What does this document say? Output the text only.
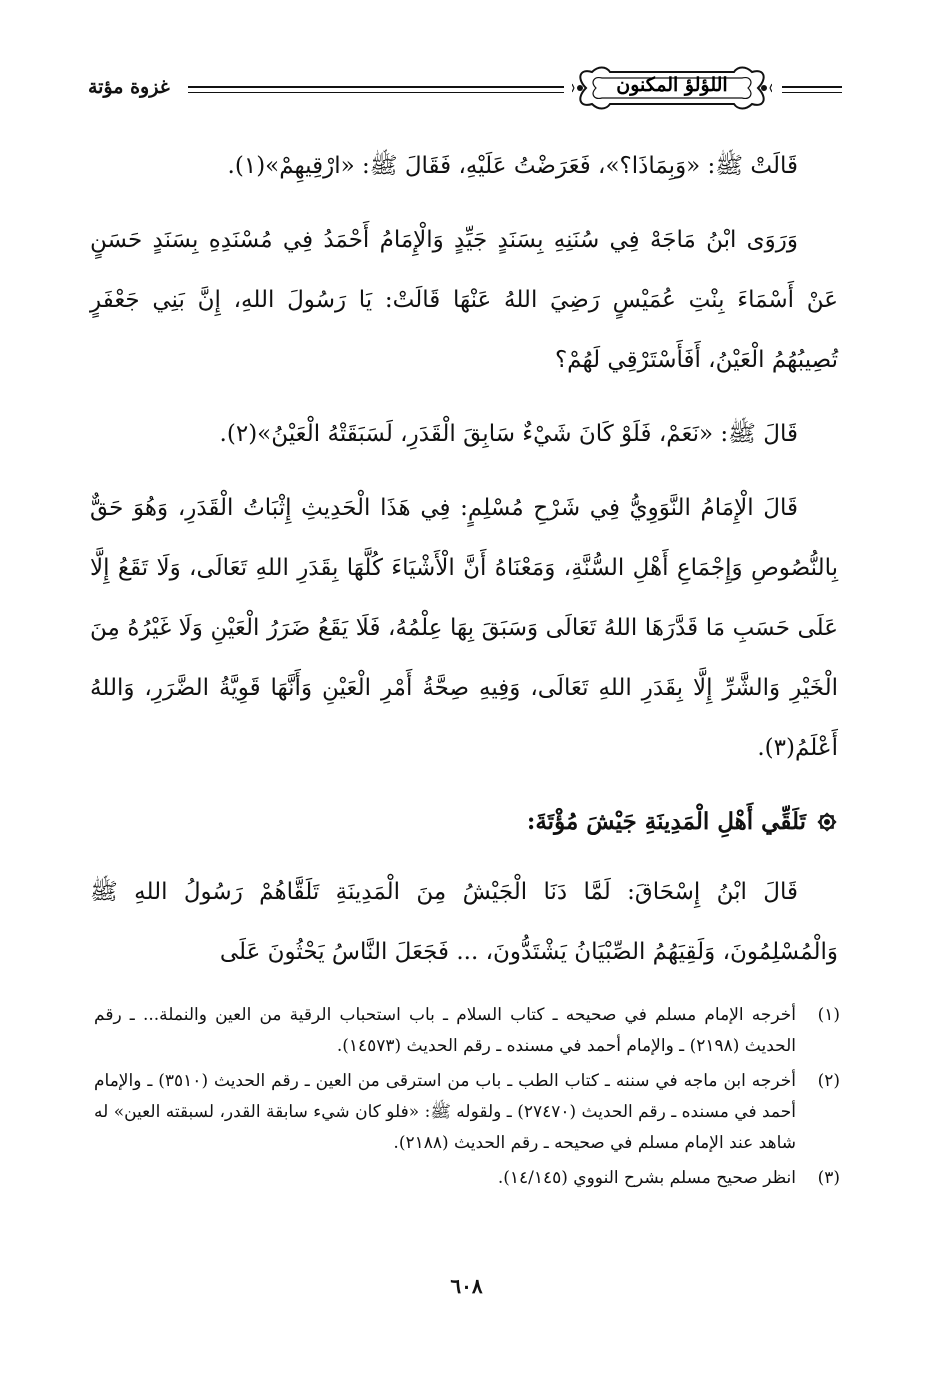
اللؤلؤ المكنون
غزوة مؤتة

قَالَتْ ﷺ: «وَبِمَاذَا؟»، فَعَرَضْتُ عَلَيْهِ، فَقَالَ ﷺ: «ارْقِيهِمْ»(١).

وَرَوَى ابْنُ مَاجَهْ فِي سُنَنِهِ بِسَنَدٍ جَيِّدٍ وَالْإِمَامُ أَحْمَدُ فِي مُسْنَدِهِ بِسَنَدٍ حَسَنٍ عَنْ أَسْمَاءَ بِنْتِ عُمَيْسٍ رَضِيَ اللهُ عَنْهَا قَالَتْ: يَا رَسُولَ اللهِ، إِنَّ بَنِي جَعْفَرٍ تُصِيبُهُمُ الْعَيْنُ، أَفَأَسْتَرْقِي لَهُمْ؟

قَالَ ﷺ: «نَعَمْ، فَلَوْ كَانَ شَيْءٌ سَابِقَ الْقَدَرِ، لَسَبَقَتْهُ الْعَيْنُ»(٢).

قَالَ الْإِمَامُ النَّوَوِيُّ فِي شَرْحِ مُسْلِمٍ: فِي هَذَا الْحَدِيثِ إِثْبَاتُ الْقَدَرِ، وَهُوَ حَقٌّ بِالنُّصُوصِ وَإِجْمَاعِ أَهْلِ السُّنَّةِ، وَمَعْنَاهُ أَنَّ الْأَشْيَاءَ كُلَّهَا بِقَدَرِ اللهِ تَعَالَى، وَلَا تَقَعُ إِلَّا عَلَى حَسَبِ مَا قَدَّرَهَا اللهُ تَعَالَى وَسَبَقَ بِهَا عِلْمُهُ، فَلَا يَقَعُ ضَرَرُ الْعَيْنِ وَلَا غَيْرُهُ مِنَ الْخَيْرِ وَالشَّرِّ إِلَّا بِقَدَرِ اللهِ تَعَالَى، وَفِيهِ صِحَّةُ أَمْرِ الْعَيْنِ وَأَنَّهَا قَوِيَّةُ الضَّرَرِ، وَاللهُ أَعْلَمُ(٣).

تَلَقِّي أَهْلِ الْمَدِينَةِ جَيْشَ مُؤْتَةَ:

قَالَ ابْنُ إِسْحَاقَ: لَمَّا دَنَا الْجَيْشُ مِنَ الْمَدِينَةِ تَلَقَّاهُمْ رَسُولُ اللهِ ﷺ وَالْمُسْلِمُونَ، وَلَقِيَهُمُ الصِّبْيَانُ يَشْتَدُّونَ، ... فَجَعَلَ النَّاسُ يَحْثُونَ عَلَى

(١)
أخرجه الإمام مسلم في صحيحه ـ كتاب السلام ـ باب استحباب الرقية من العين والنملة... ـ رقم الحديث (٢١٩٨) ـ والإمام أحمد في مسنده ـ رقم الحديث (١٤٥٧٣).
(٢)
أخرجه ابن ماجه في سننه ـ كتاب الطب ـ باب من استرقى من العين ـ رقم الحديث (٣٥١٠) ـ والإمام أحمد في مسنده ـ رقم الحديث (٢٧٤٧٠) ـ ولقوله ﷺ: «فلو كان شيء سابقة القدر، لسبقته العين» له شاهد عند الإمام مسلم في صحيحه ـ رقم الحديث (٢١٨٨).
(٣)
انظر صحيح مسلم بشرح النووي (١٤/١٤٥).
٦٠٨
